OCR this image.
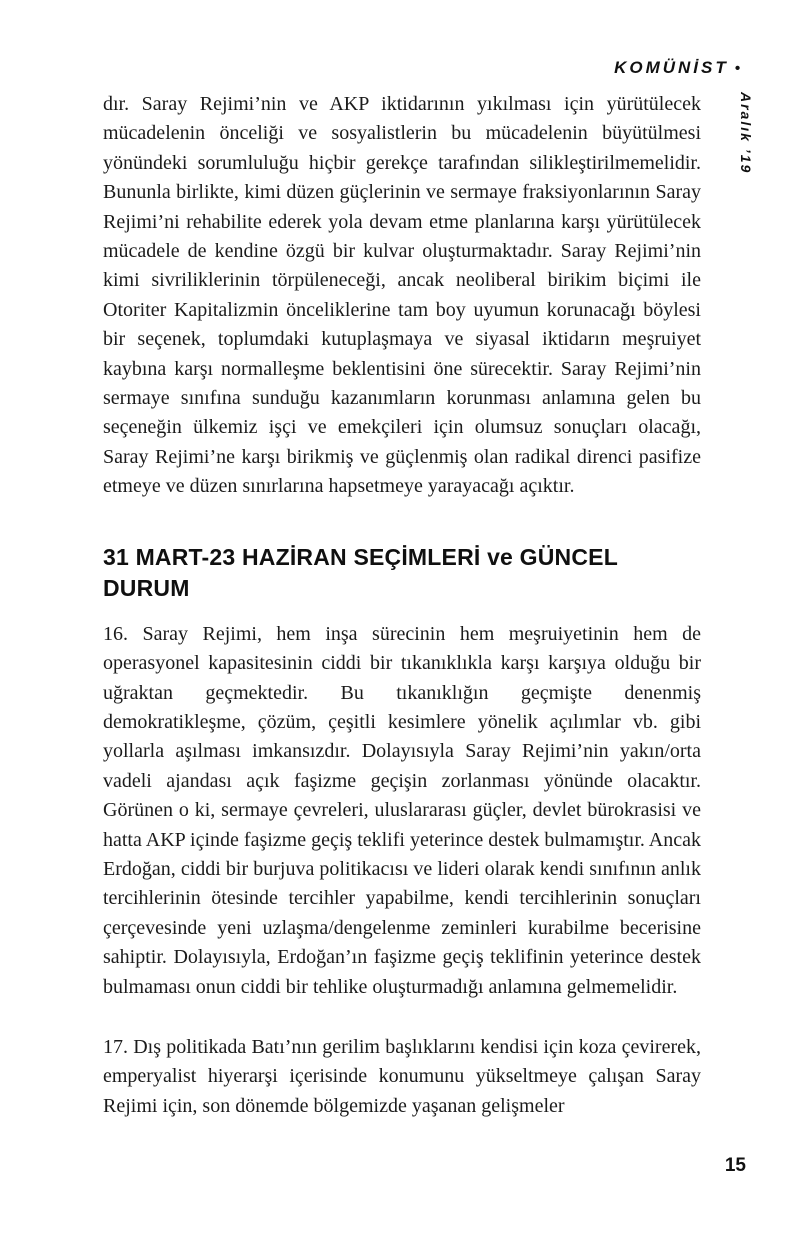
KOMÜNİST •
Aralık ’19

dır. Saray Rejimi’nin ve AKP iktidarının yıkılması için yürütülecek mücadelenin önceliği ve sosyalistlerin bu mücadelenin büyütülmesi yönündeki sorumluluğu hiçbir gerekçe tarafından silikleştirilmemelidir. Bununla birlikte, kimi düzen güçlerinin ve sermaye fraksiyonlarının Saray Rejimi’ni rehabilite ederek yola devam etme planlarına karşı yürütülecek mücadele de kendine özgü bir kulvar oluşturmaktadır. Saray Rejimi’nin kimi sivriliklerinin törpüleneceği, ancak neoliberal birikim biçimi ile Otoriter Kapitalizmin önceliklerine tam boy uyumun korunacağı böylesi bir seçenek, toplumdaki kutuplaşmaya ve siyasal iktidarın meşruiyet kaybına karşı normalleşme beklentisini öne sürecektir. Saray Rejimi’nin sermaye sınıfına sunduğu kazanımların korunması anlamına gelen bu seçeneğin ülkemiz işçi ve emekçileri için olumsuz sonuçları olacağı, Saray Rejimi’ne karşı birikmiş ve güçlenmiş olan radikal direnci pasifize etmeye ve düzen sınırlarına hapsetmeye yarayacağı açıktır.

31 MART-23 HAZİRAN SEÇİMLERİ ve GÜNCEL DURUM

16. Saray Rejimi, hem inşa sürecinin hem meşruiyetinin hem de operasyonel kapasitesinin ciddi bir tıkanıklıkla karşı karşıya olduğu bir uğraktan geçmektedir. Bu tıkanıklığın geçmişte denenmiş demokratikleşme, çözüm, çeşitli kesimlere yönelik açılımlar vb. gibi yollarla aşılması imkansızdır. Dolayısıyla Saray Rejimi’nin yakın/orta vadeli ajandası açık faşizme geçişin zorlanması yönünde olacaktır. Görünen o ki, sermaye çevreleri, uluslararası güçler, devlet bürokrasisi ve hatta AKP içinde faşizme geçiş teklifi yeterince destek bulmamıştır. Ancak Erdoğan, ciddi bir burjuva politikacısı ve lideri olarak kendi sınıfının anlık tercihlerinin ötesinde tercihler yapabilme, kendi tercihlerinin sonuçları çerçevesinde yeni uzlaşma/dengelenme zeminleri kurabilme becerisine sahiptir. Dolayısıyla, Erdoğan’ın faşizme geçiş teklifinin yeterince destek bulmaması onun ciddi bir tehlike oluşturmadığı anlamına gelmemelidir.

17. Dış politikada Batı’nın gerilim başlıklarını kendisi için koza çevirerek, emperyalist hiyerarşi içerisinde konumunu yükseltmeye çalışan Saray Rejimi için, son dönemde bölgemizde yaşanan gelişmeler

15
